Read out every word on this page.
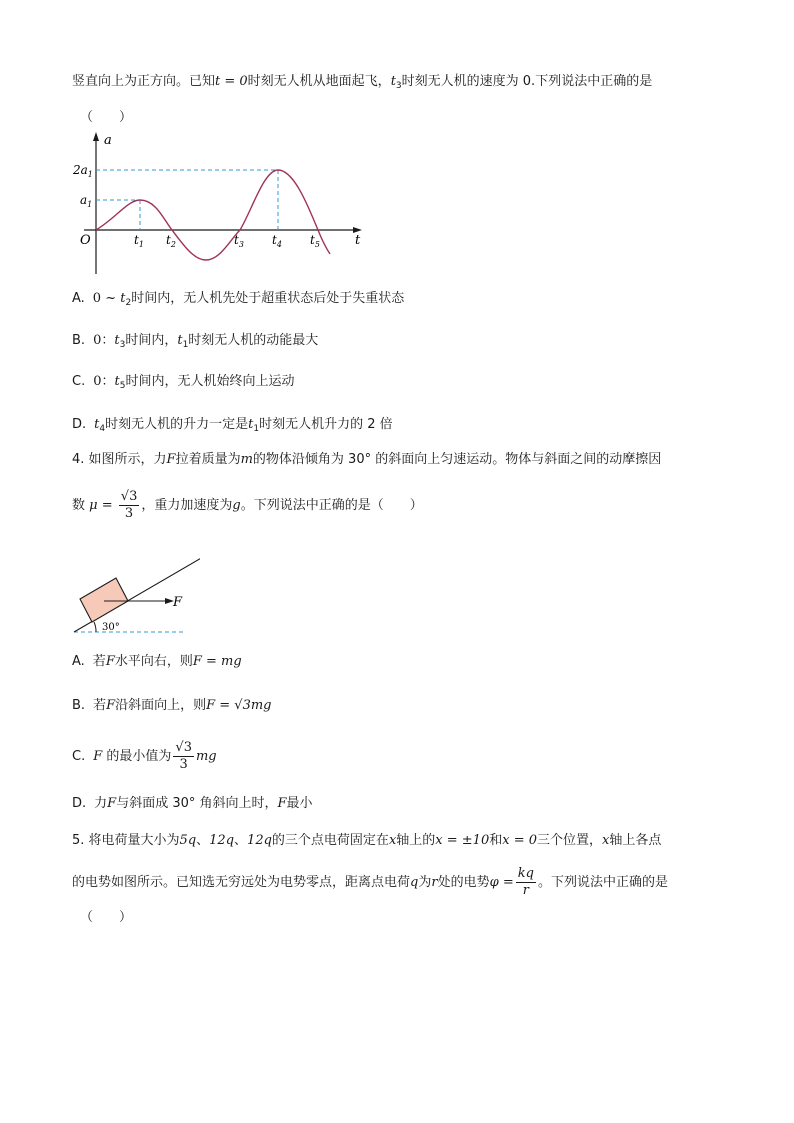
竖直向上为正方向。已知t = 0时刻无人机从地面起飞，$t_3$时刻无人机的速度为 0.下列说法中正确的是
（　　）
a
t
O
$2a_1$
$a_1$
$t_1$ $t_2$	$t_3$ $t_4$ $t_5$
A. 0 ~ $t_2$时间内，无人机先处于超重状态后处于失重状态
B. 0：$t_3$时间内，$t_1$时刻无人机的动能最大
C. 0：$t_5$时间内，无人机始终向上运动
D. $t_4$时刻无人机的升力一定是$t_1$时刻无人机升力的 2 倍
4. 如图所示，力F拉着质量为m的物体沿倾角为 30° 的斜面向上匀速运动。物体与斜面之间的动摩擦因
数 $\mu = \frac{√3}{3}$ ，重力加速度为g。下列说法中正确的是（　　）
F
30°
A. 若F水平向右，则F = mg
B. 若F沿斜面向上，则F = √3mg
C. F 的最小值为 $\frac{√3}{3}$ mg
D. 力F与斜面成 30° 角斜向上时，F最小
5. 将电荷量大小为5q、12q、12q的三个点电荷固定在x轴上的x = ±10和x = 0三个位置，x轴上各点
的电势如图所示。已知选无穷远处为电势零点，距离点电荷q为r处的电势$\varphi = \frac{kq}{r}$ 。下列说法中正确的是
（　　）
